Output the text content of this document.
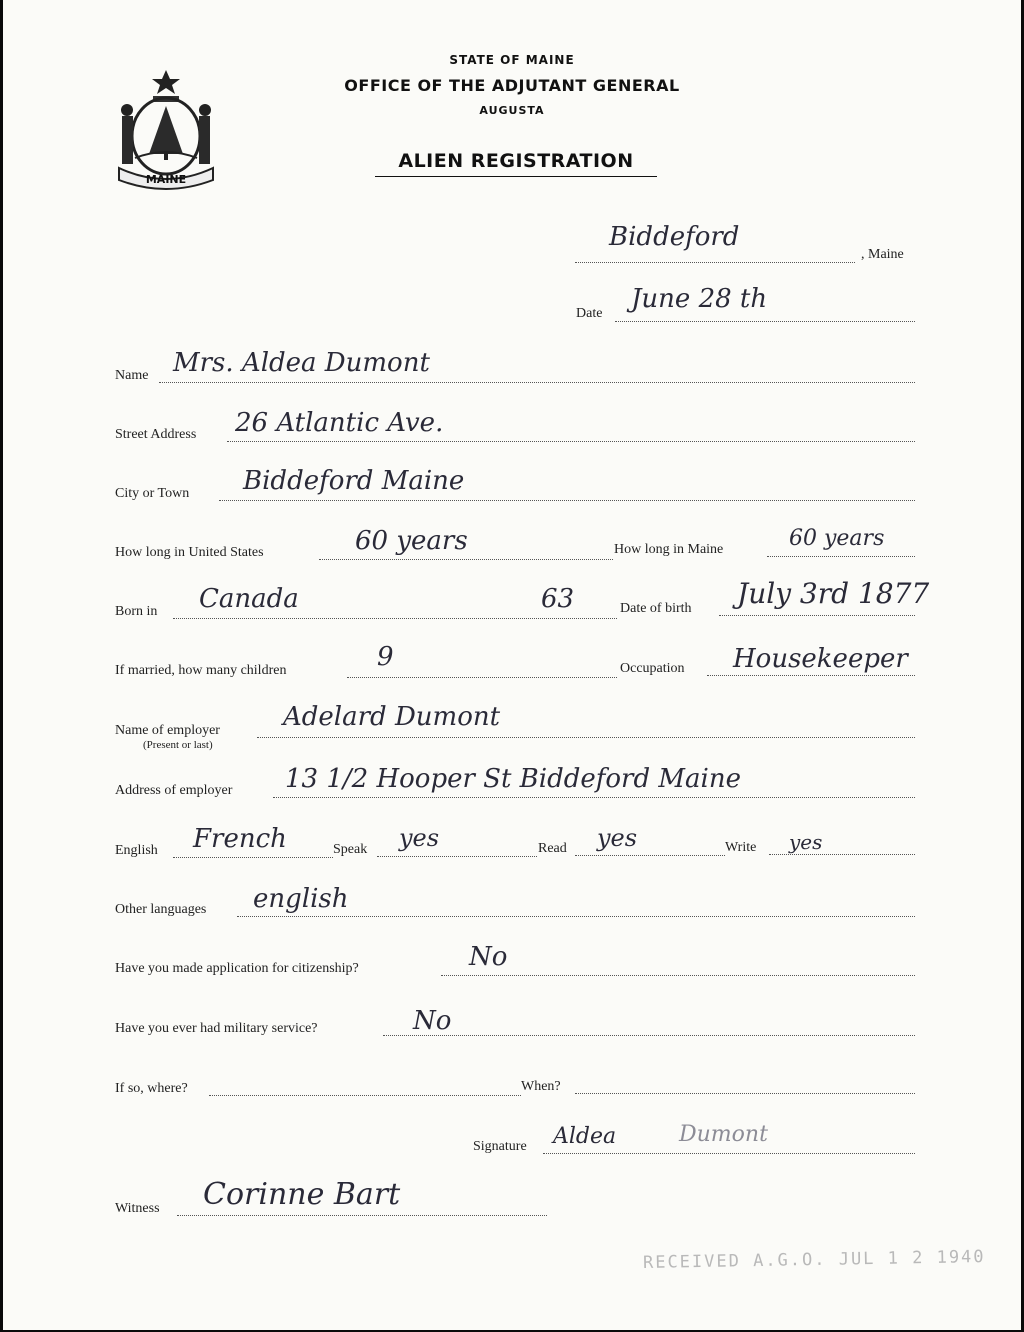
MAINE
STATE OF MAINE
OFFICE OF THE ADJUTANT GENERAL
AUGUSTA
ALIEN REGISTRATION
Biddeford
, Maine
Date June 28 th
Name Mrs. Aldea Dumont
Street Address 26 Atlantic Ave.
City or Town Biddeford Maine
How long in United States	60 years	How long in Maine	60 years
Born in Canada	63	Date of birth July 3rd 1877
If married, how many children	9	Occupation Housekeeper
Name of employer
(Present or last)
Adelard Dumont
Address of employer 13 1/2 Hooper St Biddeford Maine
English French	Speak yes	Read yes	Write yes
Other languages english
Have you made application for citizenship?	No
Have you ever had military service?	No
If so, where?	When?
Signature Aldea	Dumont
Witness Corinne Bart
RECEIVED A.G.O. JUL 1 2 1940
